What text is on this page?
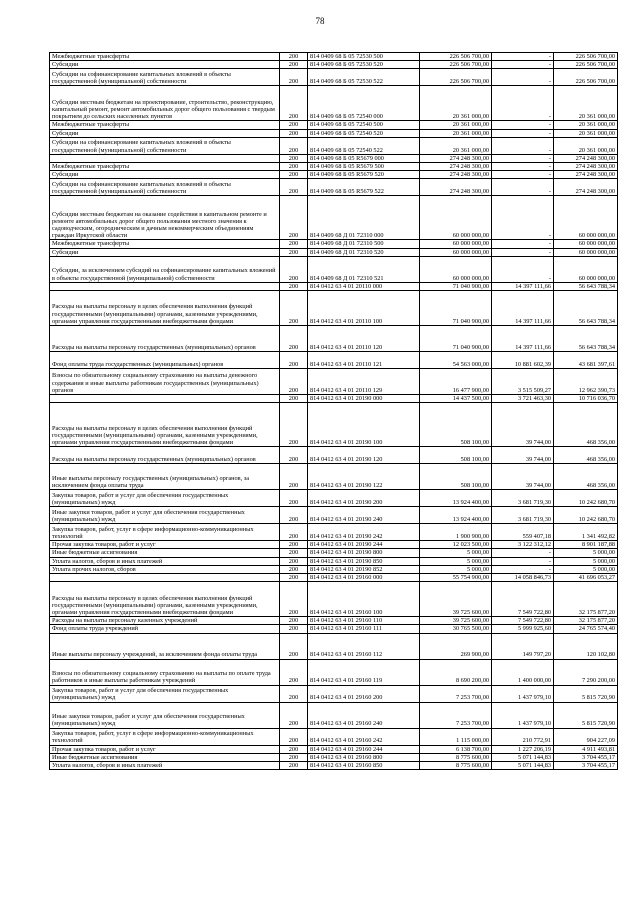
78
Межбюджетные трансферты	200	814 0409 68 Б 05 72530 500	226 506 700,00	-	226 506 700,00
Субсидии	200	814 0409 68 Б 05 72530 520	226 506 700,00	-	226 506 700,00
Субсидии на софинансирование капитальных вложений в объекты государственной (муниципальной) собственности	200	814 0409 68 Б 05 72530 522	226 506 700,00	-	226 506 700,00
Субсидии местным бюджетам на проектирование, строительство, реконструкцию, капитальный ремонт, ремонт автомобильных дорог общего пользования с твердым покрытием до сельских населенных пунктов	200	814 0409 68 Б 05 72540 000	20 361 000,00	-	20 361 000,00
Межбюджетные трансферты	200	814 0409 68 Б 05 72540 500	20 361 000,00	-	20 361 000,00
Субсидии	200	814 0409 68 Б 05 72540 520	20 361 000,00	-	20 361 000,00
Субсидии на софинансирование капитальных вложений в объекты государственной (муниципальной) собственности	200	814 0409 68 Б 05 72540 522	20 361 000,00	-	20 361 000,00
	200	814 0409 68 Б 05 R5679 000	274 248 300,00	-	274 248 300,00
Межбюджетные трансферты	200	814 0409 68 Б 05 R5679 500	274 248 300,00	-	274 248 300,00
Субсидии	200	814 0409 68 Б 05 R5679 520	274 248 300,00	-	274 248 300,00
Субсидии на софинансирование капитальных вложений в объекты государственной (муниципальной) собственности	200	814 0409 68 Б 05 R5679 522	274 248 300,00	-	274 248 300,00
Субсидии местным бюджетам на оказание содействия в капитальном ремонте и ремонте автомобильных дорог общего пользования местного значения к садоводческим, огородническим и дачным некоммерческим объединениям граждан Иркутской области	200	814 0409 68 Д 01 72310 000	60 000 000,00	-	60 000 000,00
Межбюджетные трансферты	200	814 0409 68 Д 01 72310 500	60 000 000,00	-	60 000 000,00
Субсидии	200	814 0409 68 Д 01 72310 520	60 000 000,00	-	60 000 000,00
Субсидии, за исключением субсидий на софинансирование капитальных вложений в объекты государственной (муниципальной) собственности	200	814 0409 68 Д 01 72310 521	60 000 000,00	-	60 000 000,00
	200	814 0412 63 4 01 20110 000	71 040 900,00	14 397 111,66	56 643 788,34
Расходы на выплаты персоналу в целях обеспечения выполнения функций государственными (муниципальными) органами, казенными учреждениями, органами управления государственными внебюджетными фондами	200	814 0412 63 4 01 20110 100	71 040 900,00	14 397 111,66	56 643 788,34
Расходы на выплаты персоналу государственных (муниципальных) органов	200	814 0412 63 4 01 20110 120	71 040 900,00	14 397 111,66	56 643 788,34
Фонд оплаты труда государственных (муниципальных) органов	200	814 0412 63 4 01 20110 121	54 563 000,00	10 881 602,39	43 681 397,61
Взносы по обязательному социальному страхованию на выплаты денежного содержания и иные выплаты работникам государственных (муниципальных) органов	200	814 0412 63 4 01 20110 129	16 477 900,00	3 515 509,27	12 962 390,73
	200	814 0412 63 4 01 20190 000	14 437 500,00	3 721 463,30	10 716 036,70
Расходы на выплаты персоналу в целях обеспечения выполнения функций государственными (муниципальными) органами, казенными учреждениями, органами управления государственными внебюджетными фондами	200	814 0412 63 4 01 20190 100	508 100,00	39 744,00	468 356,00
Расходы на выплаты персоналу государственных (муниципальных) органов	200	814 0412 63 4 01 20190 120	508 100,00	39 744,00	468 356,00
Иные выплаты персоналу государственных (муниципальных) органов, за исключением фонда оплаты труда	200	814 0412 63 4 01 20190 122	508 100,00	39 744,00	468 356,00
Закупка товаров, работ и услуг для обеспечения государственных (муниципальных) нужд	200	814 0412 63 4 01 20190 200	13 924 400,00	3 681 719,30	10 242 680,70
Иные закупки товаров, работ и услуг для обеспечения государственных (муниципальных) нужд	200	814 0412 63 4 01 20190 240	13 924 400,00	3 681 719,30	10 242 680,70
Закупка товаров, работ, услуг в сфере информационно-коммуникационных технологий	200	814 0412 63 4 01 20190 242	1 900 900,00	559 407,18	1 341 492,82
Прочая закупка товаров, работ и услуг	200	814 0412 63 4 01 20190 244	12 023 500,00	3 122 312,12	8 901 187,88
Иные бюджетные ассигнования	200	814 0412 63 4 01 20190 800	5 000,00	-	5 000,00
Уплата налогов, сборов и иных платежей	200	814 0412 63 4 01 20190 850	5 000,00	-	5 000,00
Уплата прочих налогов, сборов	200	814 0412 63 4 01 20190 852	5 000,00	-	5 000,00
	200	814 0412 63 4 01 29160 000	55 754 900,00	14 058 846,73	41 696 053,27
Расходы на выплаты персоналу в целях обеспечения выполнения функций государственными (муниципальными) органами, казенными учреждениями, органами управления государственными внебюджетными фондами	200	814 0412 63 4 01 29160 100	39 725 600,00	7 549 722,80	32 175 877,20
Расходы на выплаты персоналу казенных учреждений	200	814 0412 63 4 01 29160 110	39 725 600,00	7 549 722,80	32 175 877,20
Фонд оплаты труда учреждений	200	814 0412 63 4 01 29160 111	30 765 500,00	5 999 925,60	24 765 574,40
Иные выплаты персоналу учреждений, за исключением фонда оплаты труда	200	814 0412 63 4 01 29160 112	269 900,00	149 797,20	120 102,80
Взносы по обязательному социальному страхованию на выплаты по оплате труда работников и иные выплаты работникам учреждений	200	814 0412 63 4 01 29160 119	8 690 200,00	1 400 000,00	7 290 200,00
Закупка товаров, работ и услуг для обеспечения государственных (муниципальных) нужд	200	814 0412 63 4 01 29160 200	7 253 700,00	1 437 979,10	5 815 720,90
Иные закупки товаров, работ и услуг для обеспечения государственных (муниципальных) нужд	200	814 0412 63 4 01 29160 240	7 253 700,00	1 437 979,10	5 815 720,90
Закупка товаров, работ, услуг в сфере информационно-коммуникационных технологий	200	814 0412 63 4 01 29160 242	1 115 000,00	210 772,91	904 227,09
Прочая закупка товаров, работ и услуг	200	814 0412 63 4 01 29160 244	6 138 700,00	1 227 206,19	4 911 493,81
Иные бюджетные ассигнования	200	814 0412 63 4 01 29160 800	8 775 600,00	5 071 144,83	3 704 455,17
Уплата налогов, сборов и иных платежей	200	814 0412 63 4 01 29160 850	8 775 600,00	5 071 144,83	3 704 455,17
